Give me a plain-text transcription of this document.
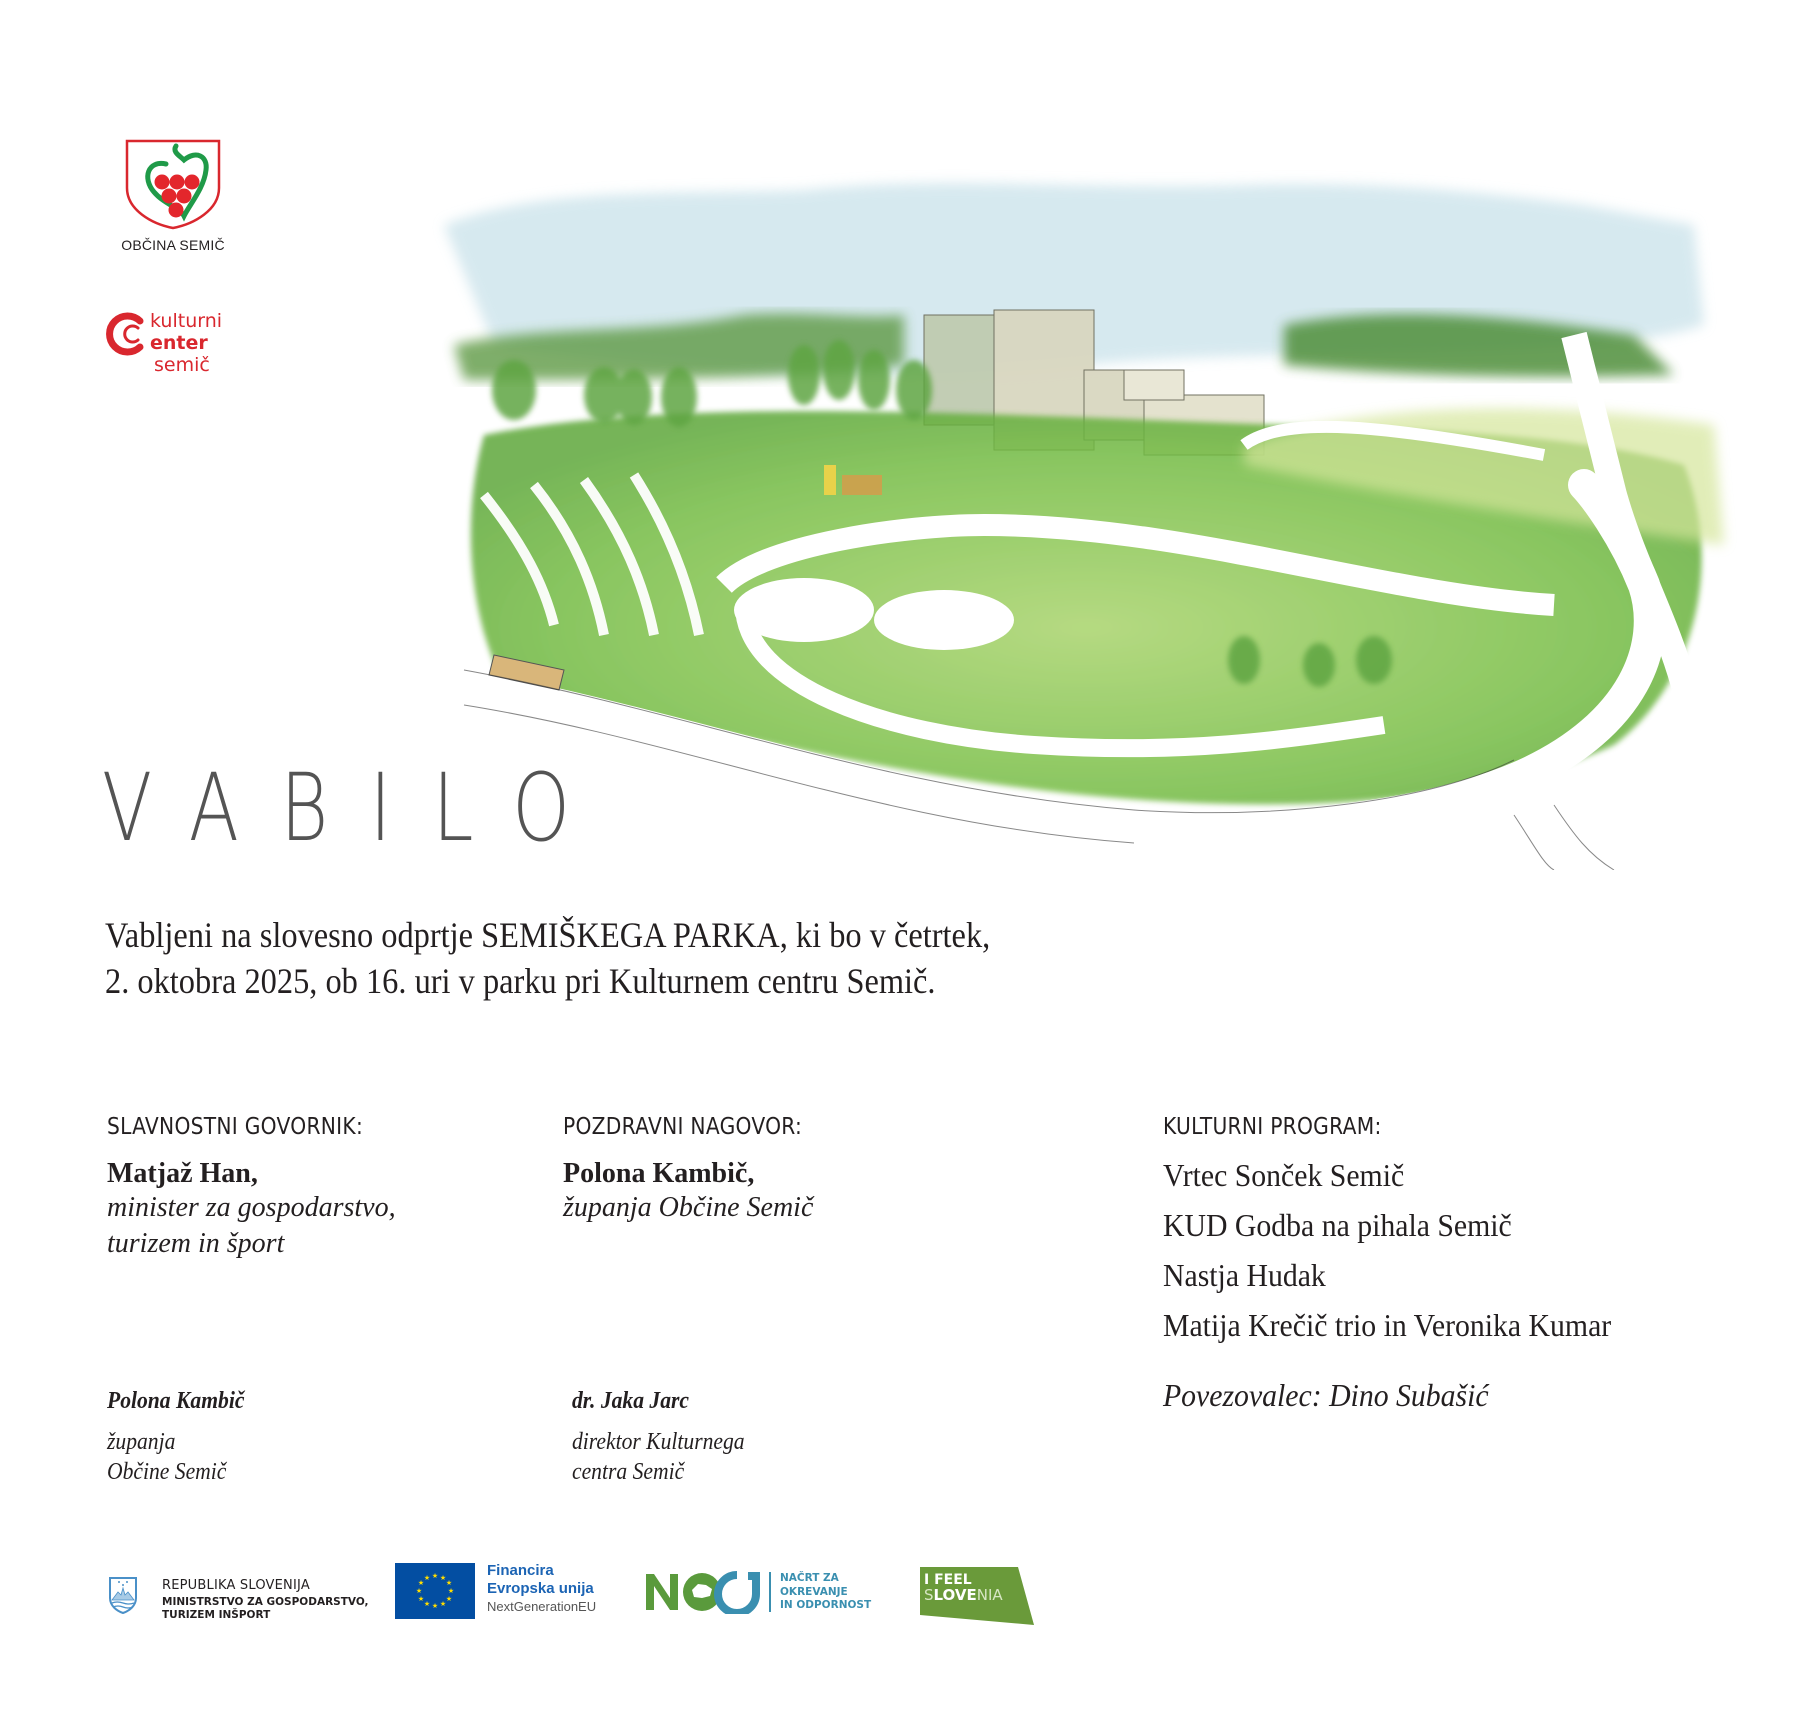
OBČINA SEMIČ
kulturni
enter
semič
VABILO
Vabljeni na slovesno odprtje SEMIŠKEGA PARKA, ki bo v četrtek,
2. oktobra 2025, ob 16. uri v parku pri Kulturnem centru Semič.
SLAVNOSTNI GOVORNIK:
Matjaž Han,
minister za gospodarstvo,
turizem in šport
POZDRAVNI NAGOVOR:
Polona Kambič,
županja Občine Semič
KULTURNI PROGRAM:
Vrtec Sonček Semič
KUD Godba na pihala Semič
Nastja Hudak
Matija Krečič trio in Veronika Kumar
Povezovalec: Dino Subašić
Polona Kambič
županja
Občine Semič
dr. Jaka Jarc
direktor Kulturnega
centra Semič
REPUBLIKA SLOVENIJA
MINISTRSTVO ZA GOSPODARSTVO,
TURIZEM INŠPORT
★ ★
★
★
★
★
★
★
★
★
★
★	Financira
Evropska unija
NextGenerationEU
NAČRT ZA
OKREVANJE
IN ODPORNOST
I FEEL
SLOVENIA
